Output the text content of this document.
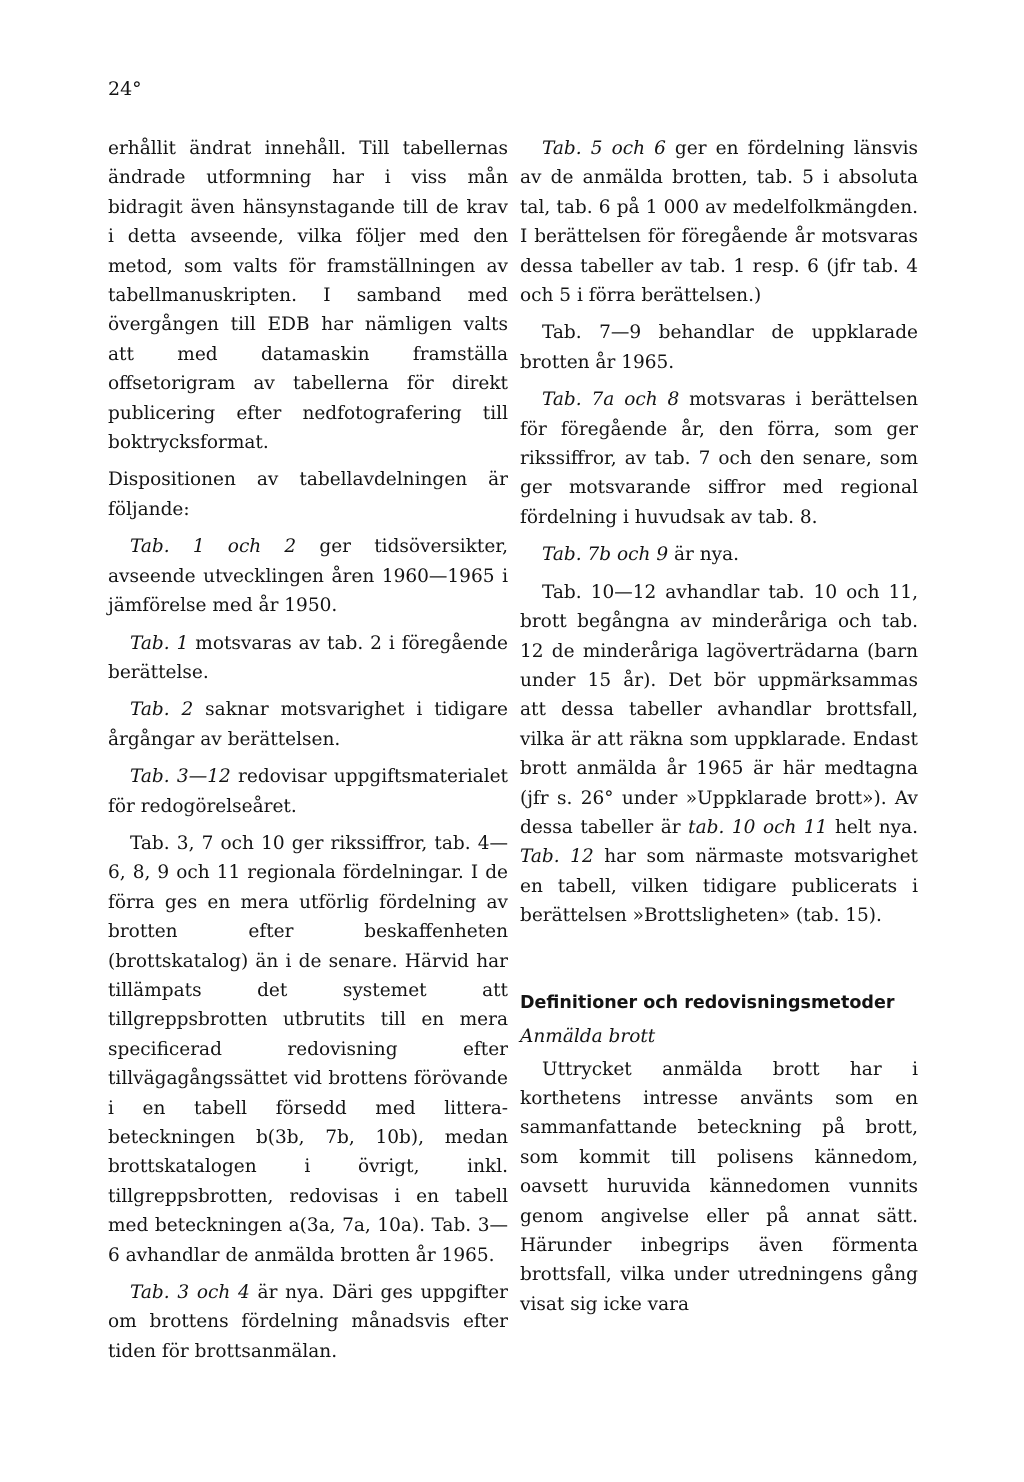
24°

erhållit ändrat innehåll. Till tabellernas ändrade utformning har i viss mån bidragit även hänsynstagande till de krav i detta avseende, vilka följer med den metod, som valts för framställningen av tabellmanuskripten. I samband med övergången till EDB har nämligen valts att med datamaskin framställa offsetorigram av tabellerna för direkt publicering efter nedfotografering till boktrycksformat.

Dispositionen av tabellavdelningen är följande:

Tab. 1 och 2 ger tidsöversikter, avseende utvecklingen åren 1960—1965 i jämförelse med år 1950.

Tab. 1 motsvaras av tab. 2 i föregående berättelse.

Tab. 2 saknar motsvarighet i tidigare årgångar av berättelsen.

Tab. 3—12 redovisar uppgiftsmaterialet för redogörelseåret.

Tab. 3, 7 och 10 ger rikssiffror, tab. 4—6, 8, 9 och 11 regionala fördelningar. I de förra ges en mera utförlig fördelning av brotten efter beskaffenheten (brottskatalog) än i de senare. Härvid har tillämpats det systemet att tillgreppsbrotten utbrutits till en mera specificerad redovisning efter tillvägagångssättet vid brottens förövande i en tabell försedd med littera-beteckningen b(3b, 7b, 10b), medan brottskatalogen i övrigt, inkl. tillgreppsbrotten, redovisas i en tabell med beteckningen a(3a, 7a, 10a). Tab. 3—6 avhandlar de anmälda brotten år 1965.

Tab. 3 och 4 är nya. Däri ges uppgifter om brottens fördelning månadsvis efter tiden för brottsanmälan.

Tab. 5 och 6 ger en fördelning länsvis av de anmälda brotten, tab. 5 i absoluta tal, tab. 6 på 1 000 av medelfolkmängden. I berättelsen för föregående år motsvaras dessa tabeller av tab. 1 resp. 6 (jfr tab. 4 och 5 i förra berättelsen.)

Tab. 7—9 behandlar de uppklarade brotten år 1965.

Tab. 7a och 8 motsvaras i berättelsen för föregående år, den förra, som ger rikssiffror, av tab. 7 och den senare, som ger motsvarande siffror med regional fördelning i huvudsak av tab. 8.

Tab. 7b och 9 är nya.

Tab. 10—12 avhandlar tab. 10 och 11, brott begångna av minderåriga och tab. 12 de minderåriga lagöverträdarna (barn under 15 år). Det bör uppmärksammas att dessa tabeller avhandlar brottsfall, vilka är att räkna som uppklarade. Endast brott anmälda år 1965 är här medtagna (jfr s. 26° under »Uppklarade brott»). Av dessa tabeller är tab. 10 och 11 helt nya. Tab. 12 har som närmaste motsvarighet en tabell, vilken tidigare publicerats i berättelsen »Brottsligheten» (tab. 15).

Definitioner och redovisningsmetoder
Anmälda brott

Uttrycket anmälda brott har i korthetens intresse använts som en sammanfattande beteckning på brott, som kommit till polisens kännedom, oavsett huruvida kännedomen vunnits genom angivelse eller på annat sätt. Härunder inbegrips även förmenta brottsfall, vilka under utredningens gång visat sig icke vara
